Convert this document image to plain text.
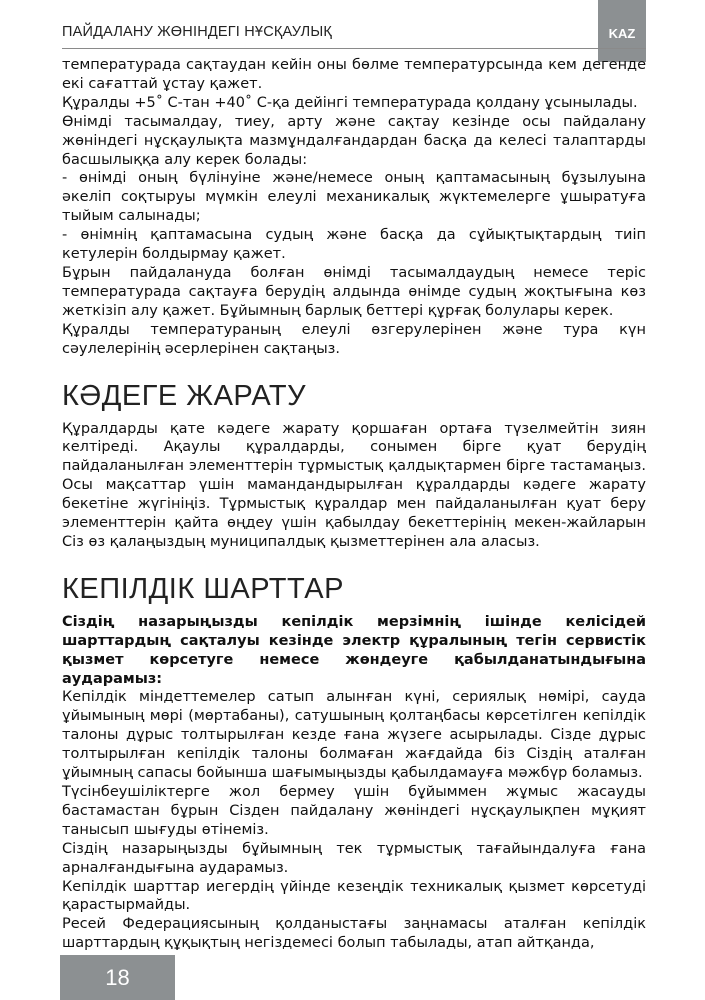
KAZ
ПАЙДАЛАНУ ЖӨНІНДЕГІ НҰСҚАУЛЫҚ

температурада сақтаудан кейін оны бөлме температурсында кем дегенде екі сағаттай ұстау қажет.

Құралды +5˚ С-тан +40˚ С-қа дейінгі температурада қолдану ұсынылады.

Өнімді тасымалдау, тиеу, арту және сақтау кезінде осы пайдалану жөніндегі нұсқаулықта мазмұндалғандардан басқа да келесі талаптарды басшылыққа алу керек болады:

- өнімді оның бүлінуіне және/немесе оның қаптамасының бұзылуына әкеліп соқтыруы мүмкін елеулі механикалық жүктемелерге ұшыратуға тыйым салынады;

- өнімнің қаптамасына судың және басқа да сұйықтықтардың тиіп кетулерін болдырмау қажет.

Бұрын пайдалануда болған өнімді тасымалдаудың немесе теріс температурада сақтауға берудің алдында өнімде судың жоқтығына көз жеткізіп алу қажет. Бұйымның барлық беттері құрғақ болулары керек.

Құралды температураның елеулі өзгерулерінен және тура күн сәулелерінің әсерлерінен сақтаңыз.

КӘДЕГЕ ЖАРАТУ

Құралдарды қате кәдеге жарату қоршаған ортаға түзелмейтін зиян келтіреді. Ақаулы құралдарды, сонымен бірге қуат берудің пайдаланылған элементтерін тұрмыстық қалдықтармен бірге тастамаңыз. Осы мақсаттар үшін мамандандырылған құралдарды кәдеге жарату бекетіне жүгініңіз. Тұрмыстық құралдар мен пайдаланылған қуат беру элементтерін қайта өңдеу үшін қабылдау бекеттерінің мекен-жайларын Сіз өз қалаңыздың муниципалдық қызметтерінен ала аласыз.

КЕПІЛДІК ШАРТТАР

Сіздің назарыңызды кепілдік мерзімнің ішінде келісідей шарттардың сақталуы кезінде электр құралының тегін сервистік қызмет көрсетуге немесе жөндеуге қабылданатындығына аударамыз:

Кепілдік міндеттемелер сатып алынған күні, сериялық нөмірі, сауда ұйымының мөрі (мөртабаны), сатушының қолтаңбасы көрсетілген кепілдік талоны дұрыс толтырылған кезде ғана жүзеге асырылады. Сізде дұрыс толтырылған кепілдік талоны болмаған жағдайда біз Сіздің аталған ұйымның сапасы бойынша шағымыңызды қабылдамауға мәжбүр боламыз.

Түсінбеушіліктерге жол бермеу үшін бұйыммен жұмыс жасауды бастамастан бұрын Сізден пайдалану жөніндегі нұсқаулықпен мұқият танысып шығуды өтінеміз.

Сіздің назарыңызды бұйымның тек тұрмыстық тағайындалуға ғана арналғандығына аударамыз.

Кепілдік шарттар иегердің үйінде кезеңдік техникалық қызмет көрсетуді қарастырмайды.

Ресей Федерациясының қолданыстағы заңнамасы аталған кепілдік шарттардың құқықтың негіздемесі болып табылады, атап айтқанда,

18
